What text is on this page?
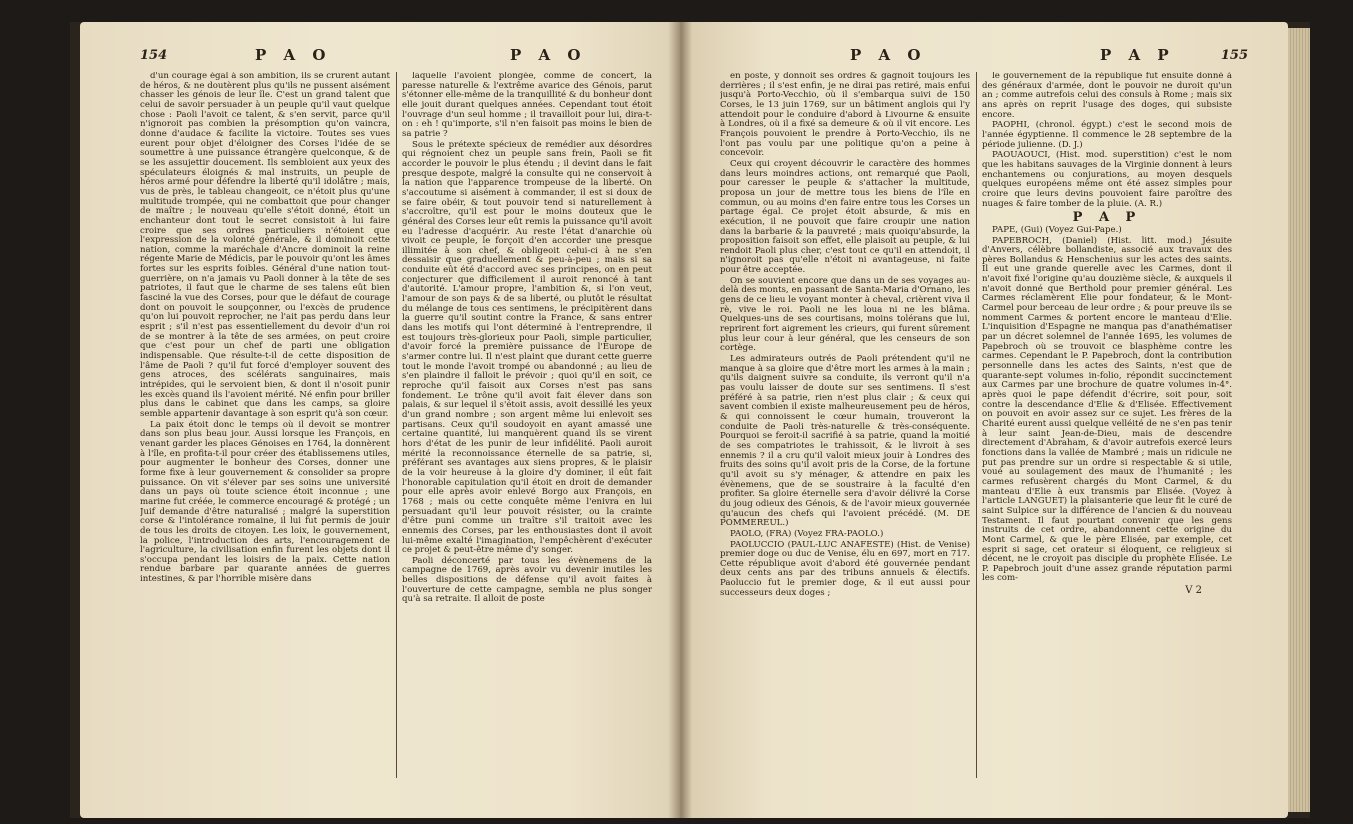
154	P A O	P A O

d'un courage égal à son ambition, ils se crurent autant de héros, & ne doutèrent plus qu'ils ne pussent aisément chasser les génois de leur île. C'est un grand talent que celui de savoir persuader à un peuple qu'il vaut quelque chose : Paoli l'avoit ce talent, & s'en servit, parce qu'il n'ignoroit pas combien la présomption qu'on vaincra, donne d'audace & facilite la victoire. Toutes ses vues eurent pour objet d'éloigner des Corses l'idée de se soumettre à une puissance étrangère quelconque, & de se les assujettir doucement. Ils sembloient aux yeux des spéculateurs éloignés & mal instruits, un peuple de héros armé pour défendre la liberté qu'il idolâtre ; mais, vus de près, le tableau changeoit, ce n'étoit plus qu'une multitude trompée, qui ne combattoit que pour changer de maître ; le nouveau qu'elle s'étoit donné, étoit un enchanteur dont tout le secret consistoit à lui faire croire que ses ordres particuliers n'étoient que l'expression de la volonté générale, & il dominoit cette nation, comme la maréchale d'Ancre dominoit la reine régente Marie de Médicis, par le pouvoir qu'ont les âmes fortes sur les esprits foibles. Général d'une nation tout-guerrière, on n'a jamais vu Paoli donner à la tête de ses patriotes, il faut que le charme de ses talens eût bien fasciné la vue des Corses, pour que le défaut de courage dont on pouvoit le soupçonner, ou l'excès de prudence qu'on lui pouvoit reprocher, ne l'ait pas perdu dans leur esprit ; s'il n'est pas essentiellement du devoir d'un roi de se montrer à la tête de ses armées, on peut croire que c'est pour un chef de parti une obligation indispensable. Que résulte-t-il de cette disposition de l'âme de Paoli ? qu'il fut forcé d'employer souvent des gens atroces, des scélérats sanguinaires, mais intrépides, qui le servoient bien, & dont il n'osoit punir les excès quand ils l'avoient mérité. Né enfin pour briller plus dans le cabinet que dans les camps, sa gloire semble appartenir davantage à son esprit qu'à son cœur.

La paix étoit donc le temps où il devoit se montrer dans son plus beau jour. Aussi lorsque les François, en venant garder les places Génoises en 1764, la donnèrent à l'île, en profita-t-il pour créer des établissemens utiles, pour augmenter le bonheur des Corses, donner une forme fixe à leur gouvernement & consolider sa propre puissance. On vit s'élever par ses soins une université dans un pays où toute science étoit inconnue ; une marine fut créée, le commerce encouragé & protégé ; un Juif demande d'être naturalisé ; malgré la superstition corse & l'intolérance romaine, il lui fut permis de jouir de tous les droits de citoyen. Les loix, le gouvernement, la police, l'introduction des arts, l'encouragement de l'agriculture, la civilisation enfin furent les objets dont il s'occupa pendant les loisirs de la paix. Cette nation rendue barbare par quarante années de guerres intestines, & par l'horrible misère dans

laquelle l'avoient plongée, comme de concert, la paresse naturelle & l'extrême avarice des Génois, parut s'étonner elle-même de la tranquillité & du bonheur dont elle jouit durant quelques années. Cependant tout étoit l'ouvrage d'un seul homme ; il travailloit pour lui, dira-t-on : eh ! qu'importe, s'il n'en faisoit pas moins le bien de sa patrie ?

Sous le prétexte spécieux de remédier aux désordres qui régnoient chez un peuple sans frein, Paoli se fit accorder le pouvoir le plus étendu ; il devint dans le fait presque despote, malgré la consulte qui ne conservoit à la nation que l'apparence trompeuse de la liberté. On s'accoutume si aisément à commander, il est si doux de se faire obéir, & tout pouvoir tend si naturellement à s'accroître, qu'il est pour le moins douteux que le général des Corses leur eût remis la puissance qu'il avoit eu l'adresse d'acquérir. Au reste l'état d'anarchie où vivoit ce peuple, le forçoit d'en accorder une presque illimitée à son chef, & obligeoit celui-ci à ne s'en dessaisir que graduellement & peu-à-peu ; mais si sa conduite eût été d'accord avec ses principes, on en peut conjecturer que difficilement il auroit renoncé à tant d'autorité. L'amour propre, l'ambition &, si l'on veut, l'amour de son pays & de sa liberté, ou plutôt le résultat du mélange de tous ces sentimens, le précipitèrent dans la guerre qu'il soutint contre la France, & sans entrer dans les motifs qui l'ont déterminé à l'entreprendre, il est toujours très-glorieux pour Paoli, simple particulier, d'avoir forcé la première puissance de l'Europe de s'armer contre lui. Il n'est plaint que durant cette guerre tout le monde l'avoit trompé ou abandonné ; au lieu de s'en plaindre il falloit le prévoir ; quoi qu'il en soit, ce reproche qu'il faisoit aux Corses n'est pas sans fondement. Le trône qu'il avoit fait élever dans son palais, & sur lequel il s'étoit assis, avoit dessillé les yeux d'un grand nombre ; son argent même lui enlevoit ses partisans. Ceux qu'il soudoyoit en ayant amassé une certaine quantité, lui manquèrent quand ils se virent hors d'état de les punir de leur infidélité. Paoli auroit mérité la reconnoissance éternelle de sa patrie, si, préférant ses avantages aux siens propres, & le plaisir de la voir heureuse à la gloire d'y dominer, il eût fait l'honorable capitulation qu'il étoit en droit de demander pour elle après avoir enlevé Borgo aux François, en 1768 ; mais ou cette conquête même l'enivra en lui persuadant qu'il leur pouvoit résister, ou la crainte d'être puni comme un traître s'il traitoit avec les ennemis des Corses, par les enthousiastes dont il avoit lui-même exalté l'imagination, l'empêchèrent d'exécuter ce projet & peut-être même d'y songer.

Paoli déconcerté par tous les évènemens de la campagne de 1769, après avoir vu devenir inutiles les belles dispositions de défense qu'il avoit faites à l'ouverture de cette campagne, sembla ne plus songer qu'à sa retraite. Il alloit de poste

P A O	P A P	155

en poste, y donnoit ses ordres & gagnoit toujours les derrières ; il s'est enfin, je ne dirai pas retiré, mais enfui jusqu'à Porto-Vecchio, où il s'embarqua suivi de 150 Corses, le 13 juin 1769, sur un bâtiment anglois qui l'y attendoit pour le conduire d'abord à Livourne & ensuite à Londres, où il a fixé sa demeure & où il vit encore. Les François pouvoient le prendre à Porto-Vecchio, ils ne l'ont pas voulu par une politique qu'on a peine à concevoir.

Ceux qui croyent découvrir le caractère des hommes dans leurs moindres actions, ont remarqué que Paoli, pour caresser le peuple & s'attacher la multitude, proposa un jour de mettre tous les biens de l'île en commun, ou au moins d'en faire entre tous les Corses un partage égal. Ce projet étoit absurde, & mis en exécution, il ne pouvoit que faire croupir une nation dans la barbarie & la pauvreté ; mais quoiqu'absurde, la proposition faisoit son effet, elle plaisoit au peuple, & lui rendoit Paoli plus cher, c'est tout ce qu'il en attendoit, il n'ignoroit pas qu'elle n'étoit ni avantageuse, ni faite pour être acceptée.

On se souvient encore que dans un de ses voyages au-delà des monts, en passant de Santa-Maria d'Ornano, les gens de ce lieu le voyant monter à cheval, crièrent viva il rè, vive le roi. Paoli ne les loua ni ne les blâma. Quelques-uns de ses courtisans, moins tolérans que lui, reprirent fort aigrement les crieurs, qui furent sûrement plus leur cour à leur général, que les censeurs de son cortège.

Les admirateurs outrés de Paoli prétendent qu'il ne manque à sa gloire que d'être mort les armes à la main ; qu'ils daignent suivre sa conduite, ils verront qu'il n'a pas voulu laisser de doute sur ses sentimens. Il s'est préféré à sa patrie, rien n'est plus clair ; & ceux qui savent combien il existe malheureusement peu de héros, & qui connoissent le cœur humain, trouveront la conduite de Paoli très-naturelle & très-conséquente. Pourquoi se feroit-il sacrifié à sa patrie, quand la moitié de ses compatriotes le trahissoit, & le livroit à ses ennemis ? il a cru qu'il valoit mieux jouir à Londres des fruits des soins qu'il avoit pris de la Corse, de la fortune qu'il avoit su s'y ménager, & attendre en paix les évènemens, que de se soustraire à la faculté d'en profiter. Sa gloire éternelle sera d'avoir délivré la Corse du joug odieux des Génois, & de l'avoir mieux gouvernée qu'aucun des chefs qui l'avoient précédé. (M. DE POMMEREUL.)

PAOLO, (FRA) (Voyez FRA-PAOLO.)

PAOLUCCIO (PAUL-LUC ANAFESTE) (Hist. de Venise) premier doge ou duc de Venise, élu en 697, mort en 717. Cette république avoit d'abord été gouvernée pendant deux cents ans par des tribuns annuels & électifs. Paoluccio fut le premier doge, & il eut aussi pour successeurs deux doges ;

le gouvernement de la république fut ensuite donné à des généraux d'armée, dont le pouvoir ne duroit qu'un an ; comme autrefois celui des consuls à Rome ; mais six ans après on reprit l'usage des doges, qui subsiste encore.

PAOPHI, (chronol. égypt.) c'est le second mois de l'année égyptienne. Il commence le 28 septembre de la période julienne. (D. J.)

PAOUAOUCI, (Hist. mod. superstition) c'est le nom que les habitans sauvages de la Virginie donnent à leurs enchantemens ou conjurations, au moyen desquels quelques européens même ont été assez simples pour croire que leurs devins pouvoient faire paroître des nuages & faire tomber de la pluie. (A. R.)

P A P

PAPE, (Gui) (Voyez Gui-Pape.)

PAPEBROCH, (Daniel) (Hist. litt. mod.) Jésuite d'Anvers, célèbre bollandiste, associé aux travaux des pères Bollandus & Henschenius sur les actes des saints. Il eut une grande querelle avec les Carmes, dont il n'avoit fixé l'origine qu'au douzième siècle, & auxquels il n'avoit donné que Berthold pour premier général. Les Carmes réclamèrent Elie pour fondateur, & le Mont-Carmel pour berceau de leur ordre ; & pour preuve ils se nomment Carmes & portent encore le manteau d'Elie. L'inquisition d'Espagne ne manqua pas d'anathématiser par un décret solemnel de l'année 1695, les volumes de Papebroch où se trouvoit ce blasphème contre les carmes. Cependant le P. Papebroch, dont la contribution personnelle dans les actes des Saints, n'est que de quarante-sept volumes in-folio, répondit succinctement aux Carmes par une brochure de quatre volumes in-4°. après quoi le pape défendit d'écrire, soit pour, soit contre la descendance d'Elie & d'Elisée. Effectivement on pouvoit en avoir assez sur ce sujet. Les frères de la Charité eurent aussi quelque velléité de ne s'en pas tenir à leur saint Jean-de-Dieu, mais de descendre directement d'Abraham, & d'avoir autrefois exercé leurs fonctions dans la vallée de Mambré ; mais un ridicule ne put pas prendre sur un ordre si respectable & si utile, voué au soulagement des maux de l'humanité ; les carmes refusèrent chargés du Mont Carmel, & du manteau d'Elie à eux transmis par Elisée. (Voyez à l'article LANGUET) la plaisanterie que leur fit le curé de saint Sulpice sur la différence de l'ancien & du nouveau Testament. Il faut pourtant convenir que les gens instruits de cet ordre, abandonnent cette origine du Mont Carmel, & que le père Elisée, par exemple, cet esprit si sage, cet orateur si éloquent, ce religieux si décent, ne le croyoit pas disciple du prophète Elisée. Le P. Papebroch jouit d'une assez grande réputation parmi les com-

V 2
